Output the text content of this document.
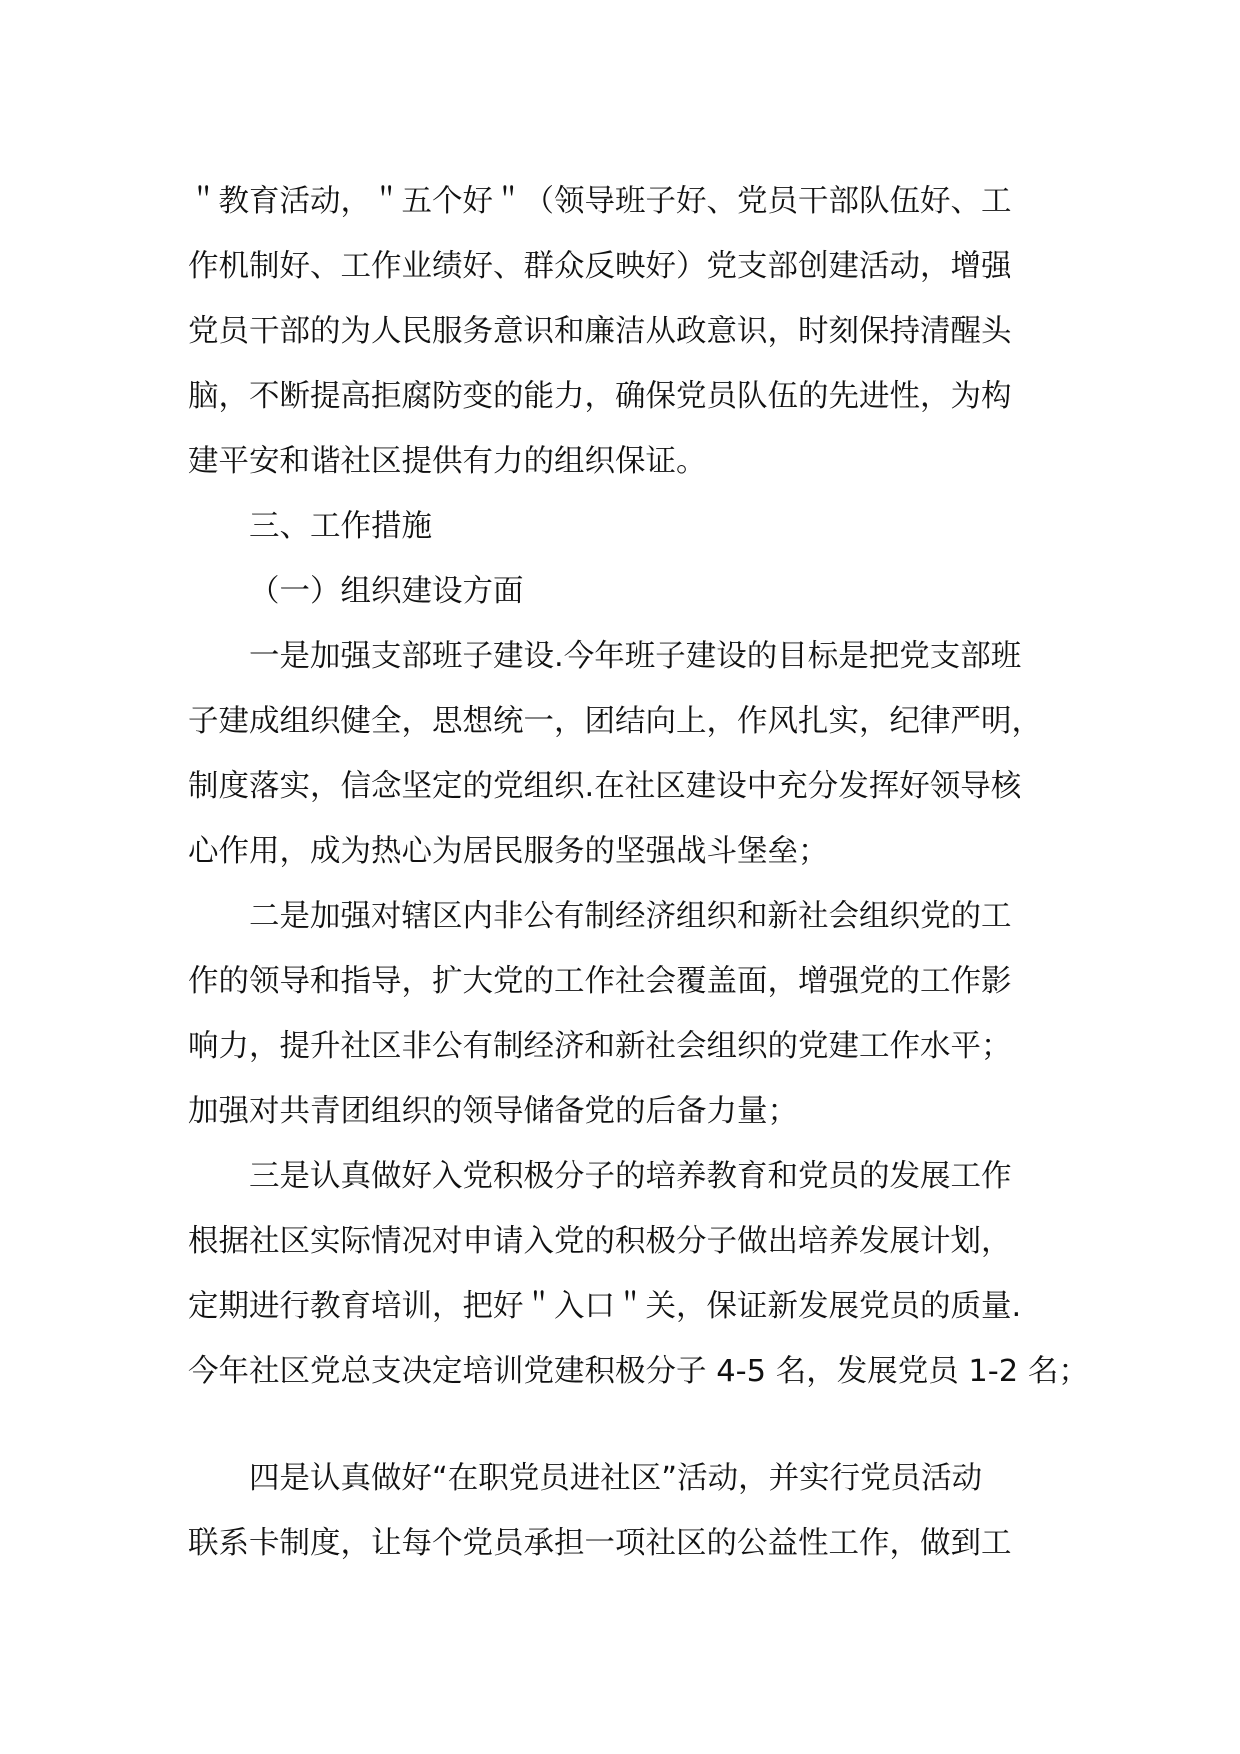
＂教育活动，＂五个好＂（领导班子好、党员干部队伍好、工
作机制好、工作业绩好、群众反映好）党支部创建活动，增强
党员干部的为人民服务意识和廉洁从政意识，时刻保持清醒头
脑，不断提高拒腐防变的能力，确保党员队伍的先进性，为构
建平安和谐社区提供有力的组织保证。
三、工作措施
（一）组织建设方面
一是加强支部班子建设.今年班子建设的目标是把党支部班
子建成组织健全，思想统一，团结向上，作风扎实，纪律严明，
制度落实，信念坚定的党组织.在社区建设中充分发挥好领导核
心作用，成为热心为居民服务的坚强战斗堡垒；
二是加强对辖区内非公有制经济组织和新社会组织党的工
作的领导和指导，扩大党的工作社会覆盖面，增强党的工作影
响力，提升社区非公有制经济和新社会组织的党建工作水平；
加强对共青团组织的领导储备党的后备力量；
三是认真做好入党积极分子的培养教育和党员的发展工作
根据社区实际情况对申请入党的积极分子做出培养发展计划，
定期进行教育培训，把好＂入口＂关，保证新发展党员的质量.
今年社区党总支决定培训党建积极分子 4-5 名，发展党员 1-2 名；
四是认真做好“在职党员进社区”活动，并实行党员活动
联系卡制度，让每个党员承担一项社区的公益性工作，做到工
